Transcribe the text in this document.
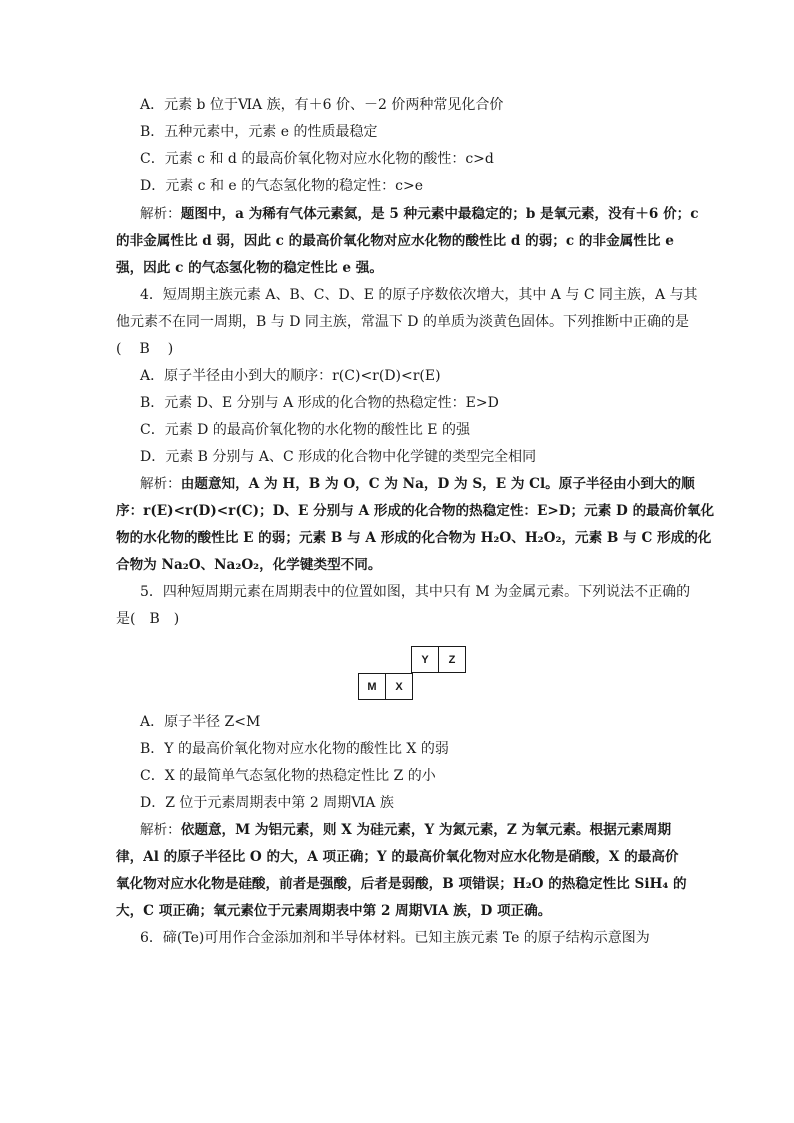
A．元素 b 位于ⅥA 族，有＋6 价、－2 价两种常见化合价
B．五种元素中，元素 e 的性质最稳定
C．元素 c 和 d 的最高价氧化物对应水化物的酸性：c>d
D．元素 c 和 e 的气态氢化物的稳定性：c>e
解析：题图中，a 为稀有气体元素氦，是 5 种元素中最稳定的；b 是氧元素，没有＋6 价；c
的非金属性比 d 弱，因此 c 的最高价氧化物对应水化物的酸性比 d 的弱；c 的非金属性比 e
强，因此 c 的气态氢化物的稳定性比 e 强。
4．短周期主族元素 A、B、C、D、E 的原子序数依次增大，其中 A 与 C 同主族，A 与其
他元素不在同一周期，B 与 D 同主族，常温下 D 的单质为淡黄色固体。下列推断中正确的是
(　B　)
A．原子半径由小到大的顺序：r(C)<r(D)<r(E)
B．元素 D、E 分别与 A 形成的化合物的热稳定性：E>D
C．元素 D 的最高价氧化物的水化物的酸性比 E 的强
D．元素 B 分别与 A、C 形成的化合物中化学键的类型完全相同
解析：由题意知，A 为 H，B 为 O，C 为 Na，D 为 S，E 为 Cl。原子半径由小到大的顺
序：r(E)<r(D)<r(C)；D、E 分别与 A 形成的化合物的热稳定性：E>D；元素 D 的最高价氧化
物的水化物的酸性比 E 的弱；元素 B 与 A 形成的化合物为 H₂O、H₂O₂，元素 B 与 C 形成的化
合物为 Na₂O、Na₂O₂，化学键类型不同。
5．四种短周期元素在周期表中的位置如图，其中只有 M 为金属元素。下列说法不正确的
是(　B　)
Y	Z
M	X
A．原子半径 Z<M
B．Y 的最高价氧化物对应水化物的酸性比 X 的弱
C．X 的最简单气态氢化物的热稳定性比 Z 的小
D．Z 位于元素周期表中第 2 周期ⅥA 族
解析：依题意，M 为铝元素，则 X 为硅元素，Y 为氮元素，Z 为氧元素。根据元素周期
律，Al 的原子半径比 O 的大，A 项正确；Y 的最高价氧化物对应水化物是硝酸，X 的最高价
氧化物对应水化物是硅酸，前者是强酸，后者是弱酸，B 项错误；H₂O 的热稳定性比 SiH₄ 的
大，C 项正确；氧元素位于元素周期表中第 2 周期ⅥA 族，D 项正确。
6．碲(Te)可用作合金添加剂和半导体材料。已知主族元素 Te 的原子结构示意图为
